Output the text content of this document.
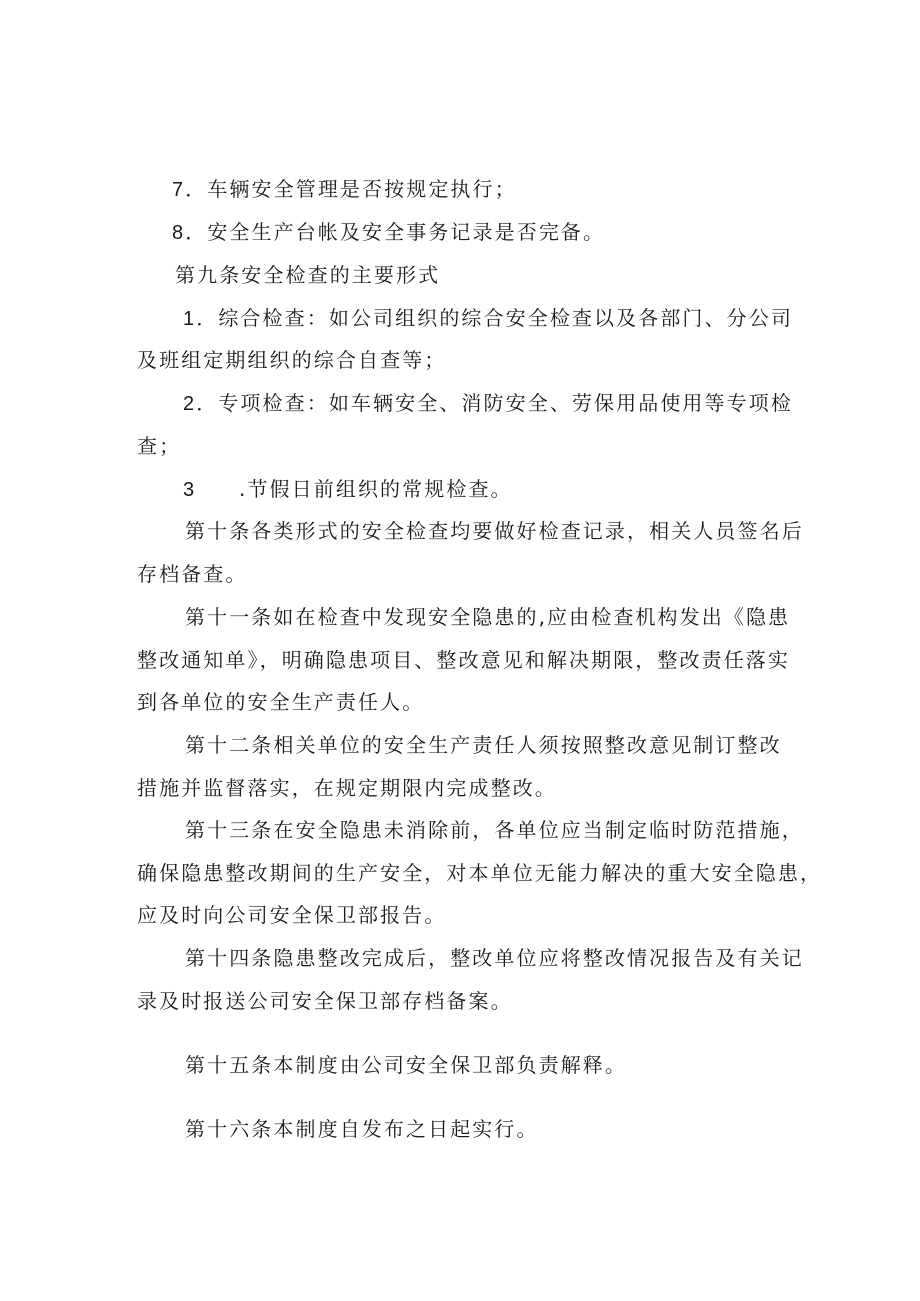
7．车辆安全管理是否按规定执行；
8．安全生产台帐及安全事务记录是否完备。
第九条安全检查的主要形式
1．综合检查：如公司组织的综合安全检查以及各部门、分公司
及班组定期组织的综合自查等；
2．专项检查：如车辆安全、消防安全、劳保用品使用等专项检
查；
3 .节假日前组织的常规检查。
第十条各类形式的安全检查均要做好检查记录，相关人员签名后
存档备查。
第十一条如在检查中发现安全隐患的,应由检查机构发出《隐患
整改通知单》，明确隐患项目、整改意见和解决期限，整改责任落实
到各单位的安全生产责任人。
第十二条相关单位的安全生产责任人须按照整改意见制订整改
措施并监督落实，在规定期限内完成整改。
第十三条在安全隐患未消除前，各单位应当制定临时防范措施，
确保隐患整改期间的生产安全，对本单位无能力解决的重大安全隐患，
应及时向公司安全保卫部报告。
第十四条隐患整改完成后，整改单位应将整改情况报告及有关记
录及时报送公司安全保卫部存档备案。
第十五条本制度由公司安全保卫部负责解释。
第十六条本制度自发布之日起实行。
